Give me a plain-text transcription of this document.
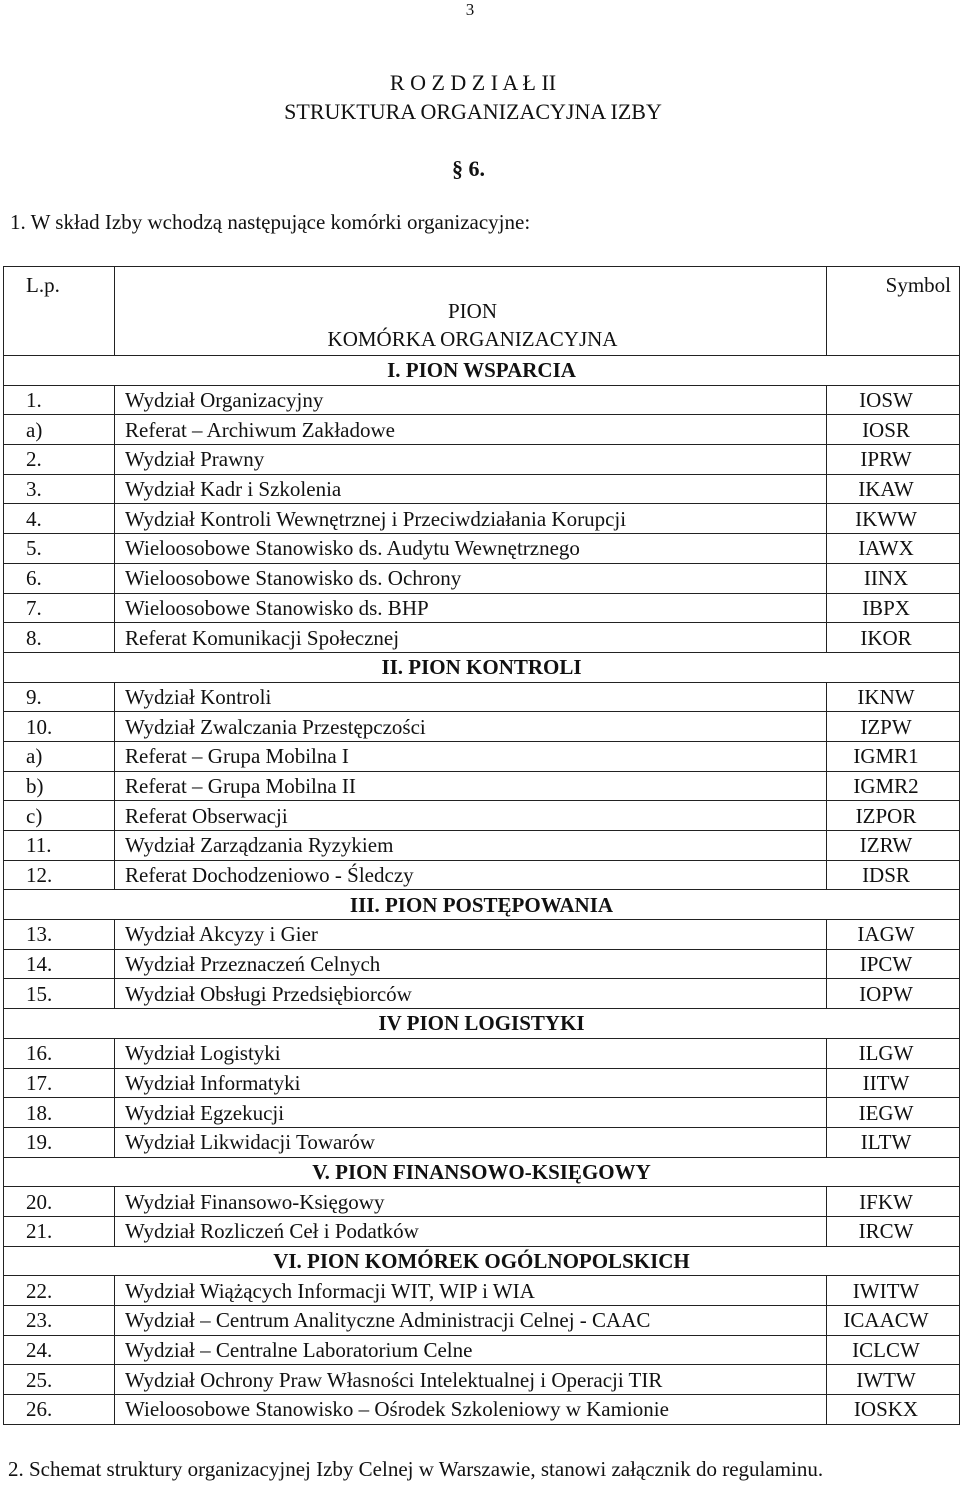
3
R O Z D Z I A Ł II
STRUKTURA ORGANIZACYJNA IZBY
§ 6.
1. W skład Izby wchodzą następujące komórki organizacyjne:
L.p.	PION
KOMÓRKA ORGANIZACYJNA	Symbol
I. PION WSPARCIA		
1.	Wydział Organizacyjny	IOSW
a)	Referat – Archiwum Zakładowe	IOSR
2.	Wydział Prawny	IPRW
3.	Wydział Kadr i Szkolenia	IKAW
4.	Wydział Kontroli Wewnętrznej i Przeciwdziałania Korupcji	IKWW
5.	Wieloosobowe Stanowisko ds. Audytu Wewnętrznego	IAWX
6.	Wieloosobowe Stanowisko ds. Ochrony	IINX
7.	Wieloosobowe Stanowisko ds. BHP	IBPX
8.	Referat Komunikacji Społecznej	IKOR
II. PION KONTROLI		
9.	Wydział Kontroli	IKNW
10.	Wydział Zwalczania Przestępczości	IZPW
a)	Referat – Grupa Mobilna I	IGMR1
b)	Referat – Grupa Mobilna II	IGMR2
c)	Referat Obserwacji	IZPOR
11.	Wydział Zarządzania Ryzykiem	IZRW
12.	Referat Dochodzeniowo - Śledczy	IDSR
III. PION POSTĘPOWANIA		
13.	Wydział Akcyzy i Gier	IAGW
14.	Wydział Przeznaczeń Celnych	IPCW
15.	Wydział Obsługi Przedsiębiorców	IOPW
IV PION LOGISTYKI		
16.	Wydział Logistyki	ILGW
17.	Wydział Informatyki	IITW
18.	Wydział Egzekucji	IEGW
19.	Wydział Likwidacji Towarów	ILTW
V. PION FINANSOWO-KSIĘGOWY		
20.	Wydział Finansowo-Księgowy	IFKW
21.	Wydział Rozliczeń Ceł i Podatków	IRCW
VI. PION KOMÓREK OGÓLNOPOLSKICH		
22.	Wydział Wiążących Informacji WIT, WIP i WIA	IWITW
23.	Wydział – Centrum Analityczne Administracji Celnej - CAAC	ICAACW
24.	Wydział – Centralne Laboratorium Celne	ICLCW
25.	Wydział Ochrony Praw Własności Intelektualnej i Operacji TIR	IWTW
26.	Wieloosobowe Stanowisko – Ośrodek Szkoleniowy w Kamionie	IOSKX
2. Schemat struktury organizacyjnej Izby Celnej w Warszawie, stanowi załącznik do regulaminu.
